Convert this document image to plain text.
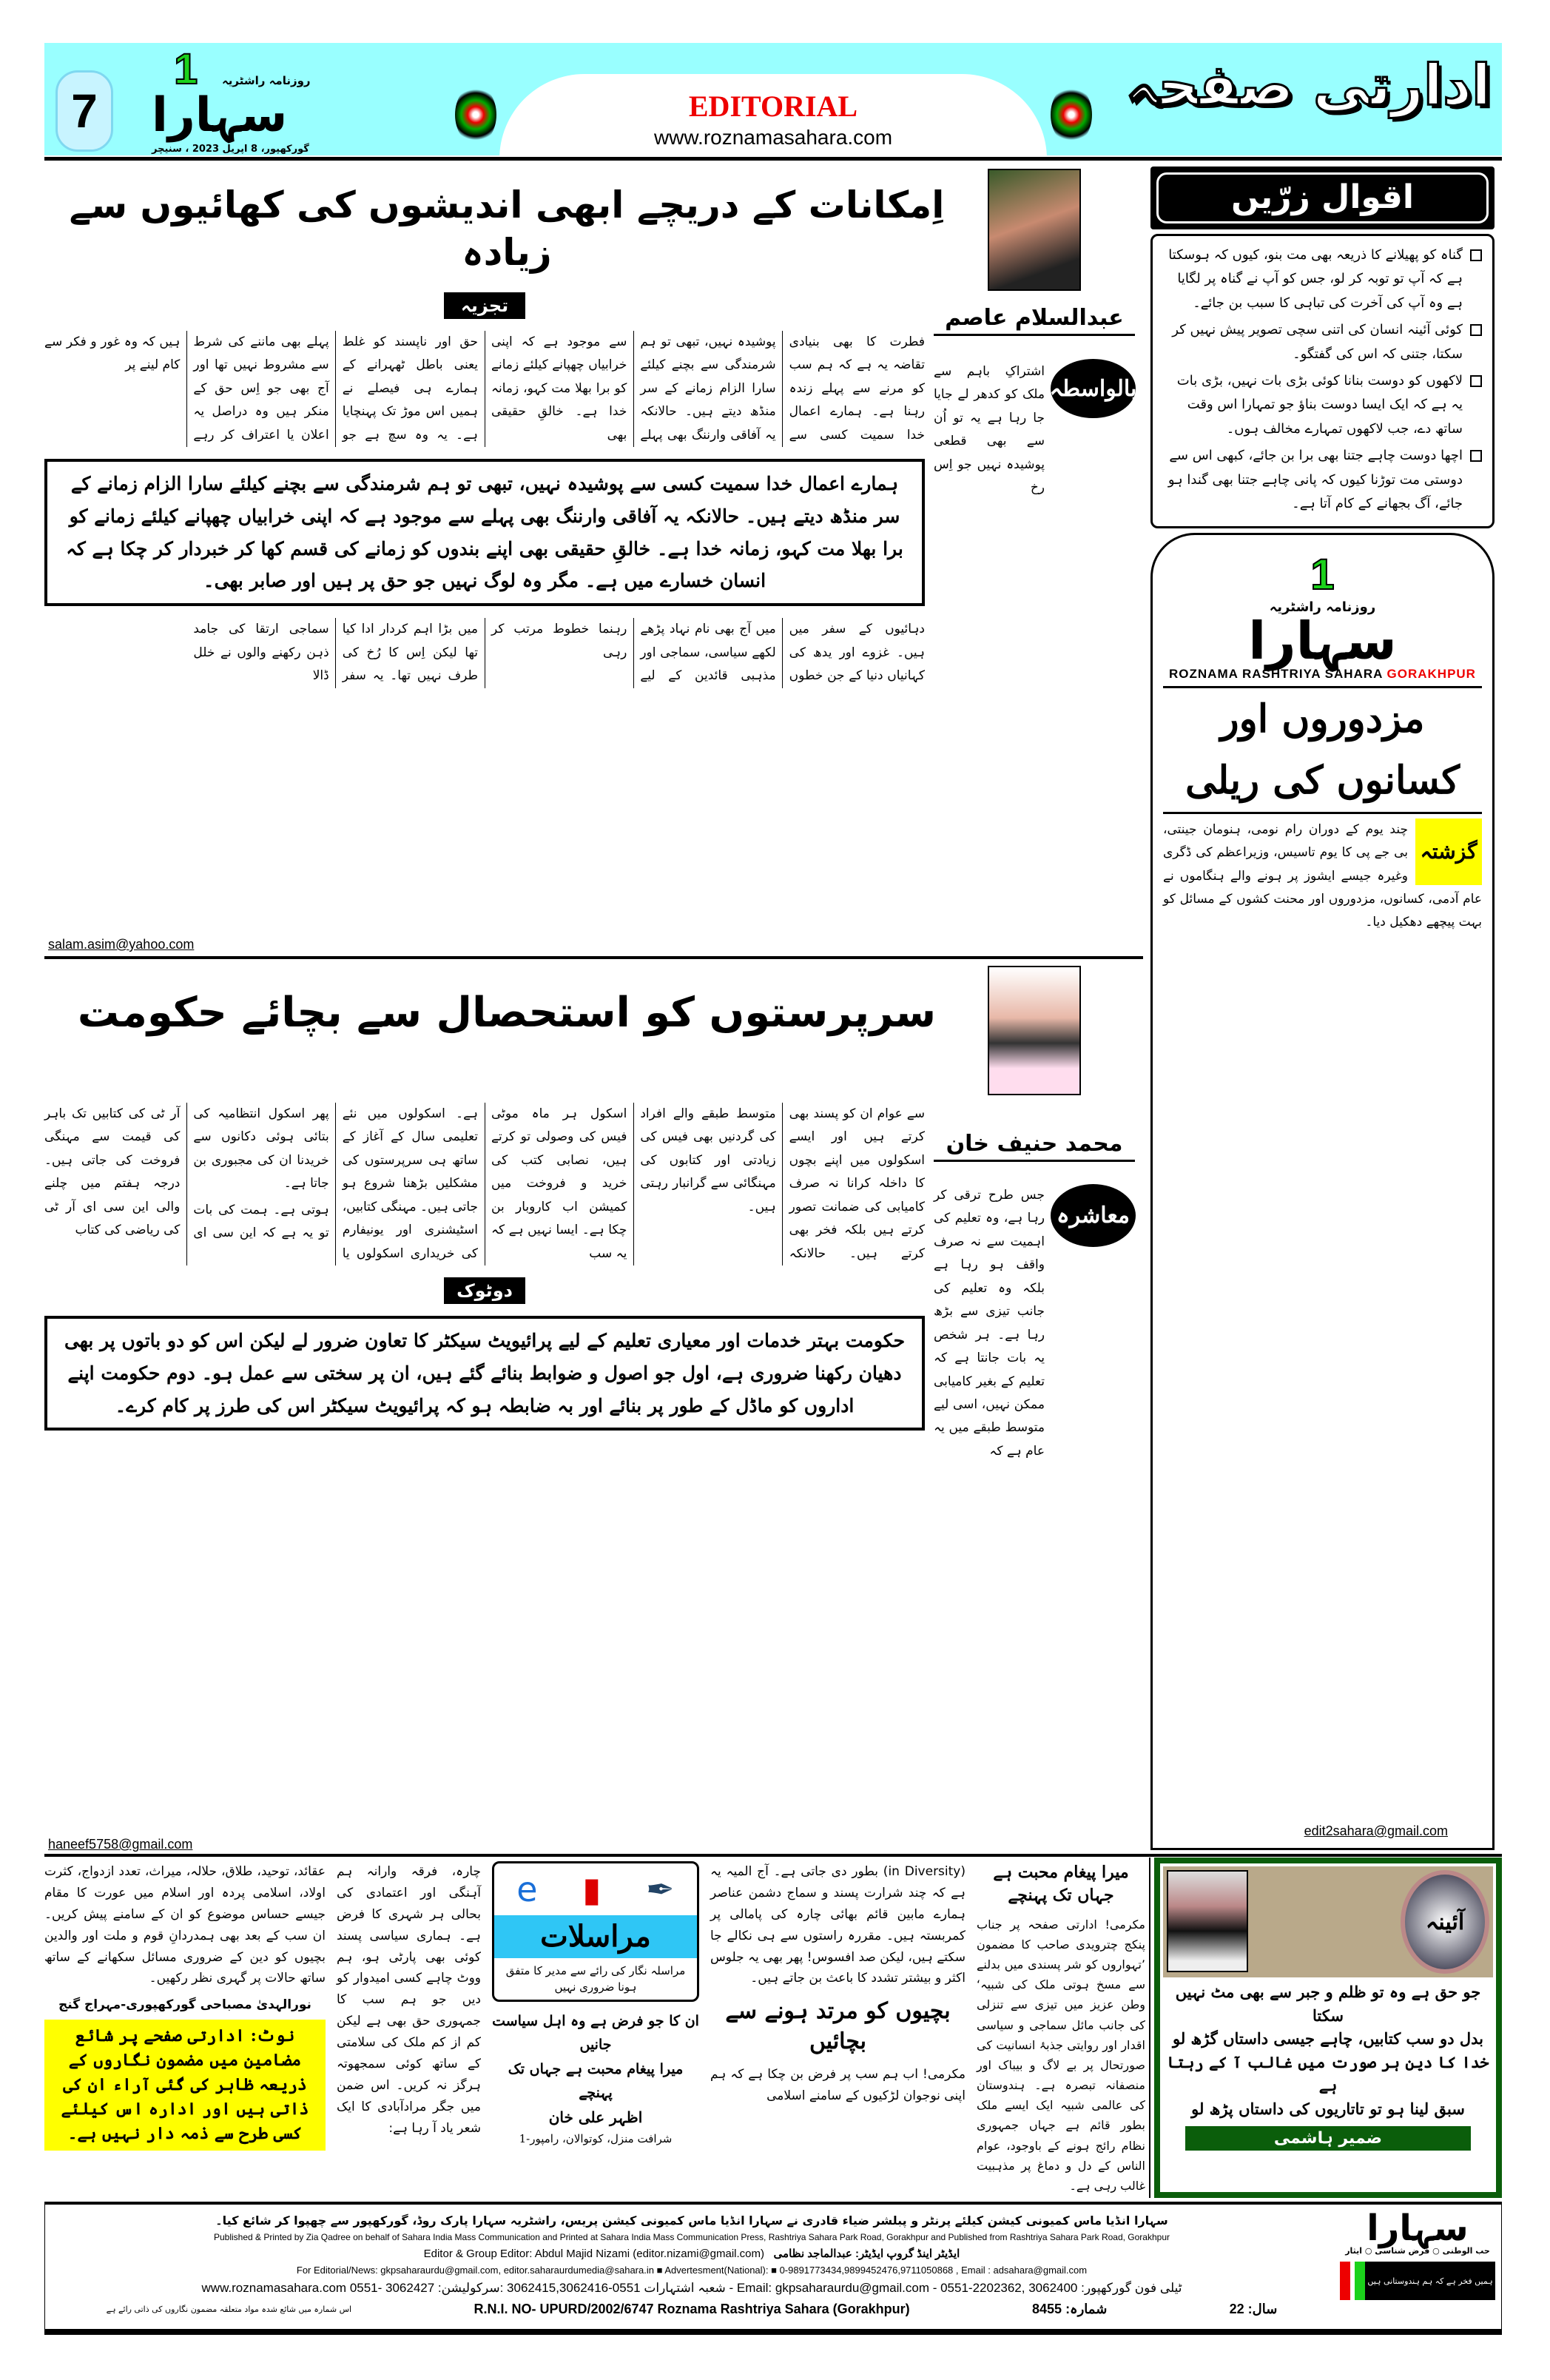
7
1 روزنامہ راشٹریہ
سہارا
گورکھپور، 8 اپریل 2023 ، سنیچر
EDITORIAL
www.roznamasahara.com
ادارتی صفحہ
اِمکانات کے دریچے ابھی اندیشوں کی کھائیوں سے زیادہ
عبدالسلام عاصم
بالواسطہ
اشتراکِ باہم سے ملک کو کدھر لے جایا جا رہا ہے یہ تو اُن سے بھی قطعی پوشیدہ نہیں جو اِس رخ
تجزیہ

فطرت کا بھی بنیادی تقاضہ یہ ہے کہ ہم سب کو مرنے سے پہلے زندہ رہنا ہے۔ ہمارے اعمال خدا سمیت کسی سے پوشیدہ نہیں، تبھی تو ہم شرمندگی سے بچنے کیلئے سارا الزام زمانے کے سر منڈھ دیتے ہیں۔ حالانکہ یہ آفاقی وارننگ بھی پہلے سے موجود ہے کہ اپنی خرابیاں چھپانے کیلئے زمانے کو برا بھلا مت کہو، زمانہ خدا ہے۔ خالقِ حقیقی بھی

حق اور ناپسند کو غلط یعنی باطل ٹھہرانے کے ہمارے ہی فیصلے نے ہمیں اس موڑ تک پہنچایا ہے۔ یہ وہ سچ ہے جو پہلے بھی ماننے کی شرط سے مشروط نہیں تھا اور آج بھی جو اِس حق کے منکر ہیں وہ دراصل یہ اعلان یا اعتراف کر رہے ہیں کہ وہ غور و فکر سے کام لینے پر

ہمارے اعمال خدا سمیت کسی سے پوشیدہ نہیں، تبھی تو ہم شرمندگی سے بچنے کیلئے سارا الزام زمانے کے سر منڈھ دیتے ہیں۔ حالانکہ یہ آفاقی وارننگ بھی پہلے سے موجود ہے کہ اپنی خرابیاں چھپانے کیلئے زمانے کو برا بھلا مت کہو، زمانہ خدا ہے۔ خالقِ حقیقی بھی اپنے بندوں کو زمانے کی قسم کھا کر خبردار کر چکا ہے کہ انسان خسارے میں ہے۔ مگر وہ لوگ نہیں جو حق پر ہیں اور صابر بھی۔

دہائیوں کے سفر میں ہیں۔ غزوے اور یدھ کی کہانیاں دنیا کے جن خطوں میں آج بھی نام نہاد پڑھے لکھے سیاسی، سماجی اور مذہبی قائدین کے لیے رہنما خطوط مرتب کر رہی

میں بڑا اہم کردار ادا کیا تھا لیکن اِس کا رُخ کی طرف نہیں تھا۔ یہ سفر سماجی ارتقا کی جامد ذہن رکھنے والوں نے خلل ڈالا

salam.asim@yahoo.com
سرپرستوں کو استحصال سے بچائے حکومت
محمد حنیف خان
معاشرہ
جس طرح ترقی کر رہا ہے، وہ تعلیم کی اہمیت سے نہ صرف واقف ہو رہا ہے بلکہ وہ تعلیم کی جانب تیزی سے بڑھ رہا ہے۔ ہر شخص یہ بات جانتا ہے کہ تعلیم کے بغیر کامیابی ممکن نہیں، اسی لیے متوسط طبقے میں یہ عام ہے کہ

سے عوام ان کو پسند بھی کرتے ہیں اور ایسے اسکولوں میں اپنے بچوں کا داخلہ کرانا نہ صرف کامیابی کی ضمانت تصور کرتے ہیں بلکہ فخر بھی کرتے ہیں۔ حالانکہ متوسط طبقے والے افراد کی گردنیں بھی فیس کی زیادتی اور کتابوں کی مہنگائی سے گرانبار رہتی ہیں۔

اسکول ہر ماہ موٹی فیس کی وصولی تو کرتے ہیں، نصابی کتب کی خرید و فروخت میں کمیشن اب کاروبار بن چکا ہے۔ ایسا نہیں ہے کہ یہ سب

ہے۔ اسکولوں میں نئے تعلیمی سال کے آغاز کے ساتھ ہی سرپرستوں کی مشکلیں بڑھنا شروع ہو جاتی ہیں۔ مہنگی کتابیں، اسٹیشنری اور یونیفارم کی خریداری اسکولوں یا پھر اسکول انتظامیہ کی بتائی ہوئی دکانوں سے خریدنا ان کی مجبوری بن جاتا ہے۔

ہوتی ہے۔ ہمت کی بات تو یہ ہے کہ این سی ای آر ٹی کی کتابیں تک باہر کی قیمت سے مہنگی فروخت کی جاتی ہیں۔ درجہ ہفتم میں چلنے والی این سی ای آر ٹی کی ریاضی کی کتاب

دوٹوک
حکومت بہتر خدمات اور معیاری تعلیم کے لیے پرائیویٹ سیکٹر کا تعاون ضرور لے لیکن اس کو دو باتوں پر بھی دھیان رکھنا ضروری ہے، اول جو اصول و ضوابط بنائے گئے ہیں، ان پر سختی سے عمل ہو۔ دوم حکومت اپنے اداروں کو ماڈل کے طور پر بنائے اور بہ ضابطہ ہو کہ پرائیویٹ سیکٹر اس کی طرز پر کام کرے۔
haneef5758@gmail.com
اقوال زرّیں
گناہ کو پھیلانے کا ذریعہ بھی مت بنو، کیوں کہ ہوسکتا ہے کہ آپ تو توبہ کر لو، جس کو آپ نے گناہ پر لگایا ہے وہ آپ کی آخرت کی تباہی کا سبب بن جائے۔
کوئی آئینہ انسان کی اتنی سچی تصویر پیش نہیں کر سکتا، جتنی کہ اس کی گفتگو۔
لاکھوں کو دوست بنانا کوئی بڑی بات نہیں، بڑی بات یہ ہے کہ ایک ایسا دوست بناؤ جو تمہارا اس وقت ساتھ دے، جب لاکھوں تمہارے مخالف ہوں۔
اچھا دوست چاہے جتنا بھی برا بن جائے، کبھی اس سے دوستی مت توڑنا کیوں کہ پانی چاہے جتنا بھی گندا ہو جائے، آگ بجھانے کے کام آتا ہے۔
1
روزنامہ راشٹریہ
سہارا
ROZNAMA RASHTRIYA SAHARA GORAKHPUR
مزدوروں اور کسانوں کی ریلی
گزشتہ
چند یوم کے دوران رام نومی، ہنومان جینتی، بی جے پی کا یوم تاسیس، وزیراعظم کی ڈگری وغیرہ جیسے ایشوز پر ہونے والے ہنگاموں نے عام آدمی، کسانوں، مزدوروں اور محنت کشوں کے مسائل کو بہت پیچھے دھکیل دیا۔
edit2sahara@gmail.com
عقائد، توحید، طلاق، حلالہ، میراث، تعدد ازدواج، کثرت اولاد، اسلامی پردہ اور اسلام میں عورت کا مقام جیسے حساس موضوع کو ان کے سامنے پیش کریں۔ ان سب کے بعد بھی ہمدردانِ قوم و ملت اور والدین بچیوں کو دین کے ضروری مسائل سکھانے کے ساتھ ساتھ حالات پر گہری نظر رکھیں۔
نورالہدیٰ مصباحی گورکھپوری-مہراج گنج
نوٹ: ادارتی صفحے پر شائع مضامین میں مضمون نگاروں کے ذریعہ ظاہر کی گئی آراء ان کی ذاتی ہیں اور ادارہ اس کیلئے کسی طرح سے ذمہ دار نہیں ہے۔
چارہ، فرقہ وارانہ ہم آہنگی اور اعتمادی کی بحالی ہر شہری کا فرض ہے۔ ہماری سیاسی پسند کوئی بھی پارٹی ہو، ہم ووٹ چاہے کسی امیدوار کو دیں جو ہم سب کا جمہوری حق بھی ہے لیکن کم از کم ملک کی سلامتی کے ساتھ کوئی سمجھوتہ ہرگز نہ کریں۔ اس ضمن میں جگر مرادآبادی کا ایک شعر یاد آ رہا ہے:
e ▮ ✒
مراسلات
مراسلہ نگار کی رائے سے مدیر کا متفق ہونا ضروری نہیں
ان کا جو فرض ہے وہ اہل سیاست جانیں
میرا پیغام محبت ہے جہاں تک پہنچے
اظہر علی خان
شرافت منزل، کوتوالان، رامپور-1
(in Diversity) بطور دی جاتی ہے۔ آج المیہ یہ ہے کہ چند شرارت پسند و سماج دشمن عناصر ہمارے مابین قائم بھائی چارہ کی پامالی پر کمربستہ ہیں۔ مقررہ راستوں سے ہی نکالے جا سکتے ہیں، لیکن صد افسوس! پھر بھی یہ جلوس اکثر و بیشتر تشدد کا باعث بن جاتے ہیں۔
بچیوں کو مرتد ہونے سے بچائیں
مکرمی! اب ہم سب پر فرض بن چکا ہے کہ ہم اپنی نوجوان لڑکیوں کے سامنے اسلامی
میرا پیغام محبت ہے جہاں تک پہنچے
مکرمی! ادارتی صفحہ پر جناب پنکج چترویدی صاحب کا مضمون ’تہواروں کو شر پسندی میں بدلنے سے مسخ ہوتی ملک کی شبیہ‘ وطن عزیز میں تیزی سے تنزلی کی جانب مائل سماجی و سیاسی اقدار اور روایتی جذبۂ انسانیت کی صورتحال پر بے لاگ و بیباک اور منصفانہ تبصرہ ہے۔ ہندوستان کی عالمی شبیہ ایک ایسے ملک بطور قائم ہے جہاں جمہوری نظام رائج ہونے کے باوجود، عوام الناس کے دل و دماغ پر مذہبیت غالب رہی ہے۔
آئینہ
جو حق ہے وہ تو ظلم و جبر سے بھی مٹ نہیں سکتا
بدل دو سب کتابیں، چاہے جیسی داستاں گڑھ لو
خدا کا دین ہر صورت میں غالب آ کے رہتا ہے
سبق لینا ہو تو تاتاریوں کی داستاں پڑھ لو
ضمیر ہاشمی
سہارا انڈیا ماس کمیونی کیشن کیلئے پرنٹر و پبلشر ضیاء قادری نے سہارا انڈیا ماس کمیونی کیشن پریس، راشٹریہ سہارا پارک روڈ، گورکھپور سے چھپوا کر شائع کیا۔
Published & Printed by Zia Qadree on behalf of Sahara India Mass Communication and Printed at Sahara India Mass Communication Press, Rashtriya Sahara Park Road, Gorakhpur and Published from Rashtriya Sahara Park Road, Gorakhpur
Editor & Group Editor: Abdul Majid Nizami (editor.nizami@gmail.com) ایڈیٹر اینڈ گروپ ایڈیٹر: عبدالماجد نظامی
For Editorial/News: gkpsaharaurdu@gmail.com, editor.saharaurdumedia@sahara.in ■ Advertesment(National): ■ 0-9891773434,9899452476,9711050868 , Email : adsahara@gmail.com
www.roznamasahara.com 0551- 3062427 :شعبہ اشتہارات 0551-3062415,3062416 :سرکولیشن - Email: gkpsaharaurdu@gmail.com - 0551-2202362, 3062400 :ٹیلی فون گورکھپور
اس شمارہ میں شائع شدہ مواد متعلقہ مضمون نگاروں کی ذاتی رائے ہے	R.N.I. NO- UPURD/2002/6747 Roznama Rashtriya Sahara (Gorakhpur)	شمارہ: 8455	سال: 22
سہارا
حب الوطنی ○ فرض شناسی ○ ایثار
ہمیں فخر ہے کہ ہم ہندوستانی ہیں
